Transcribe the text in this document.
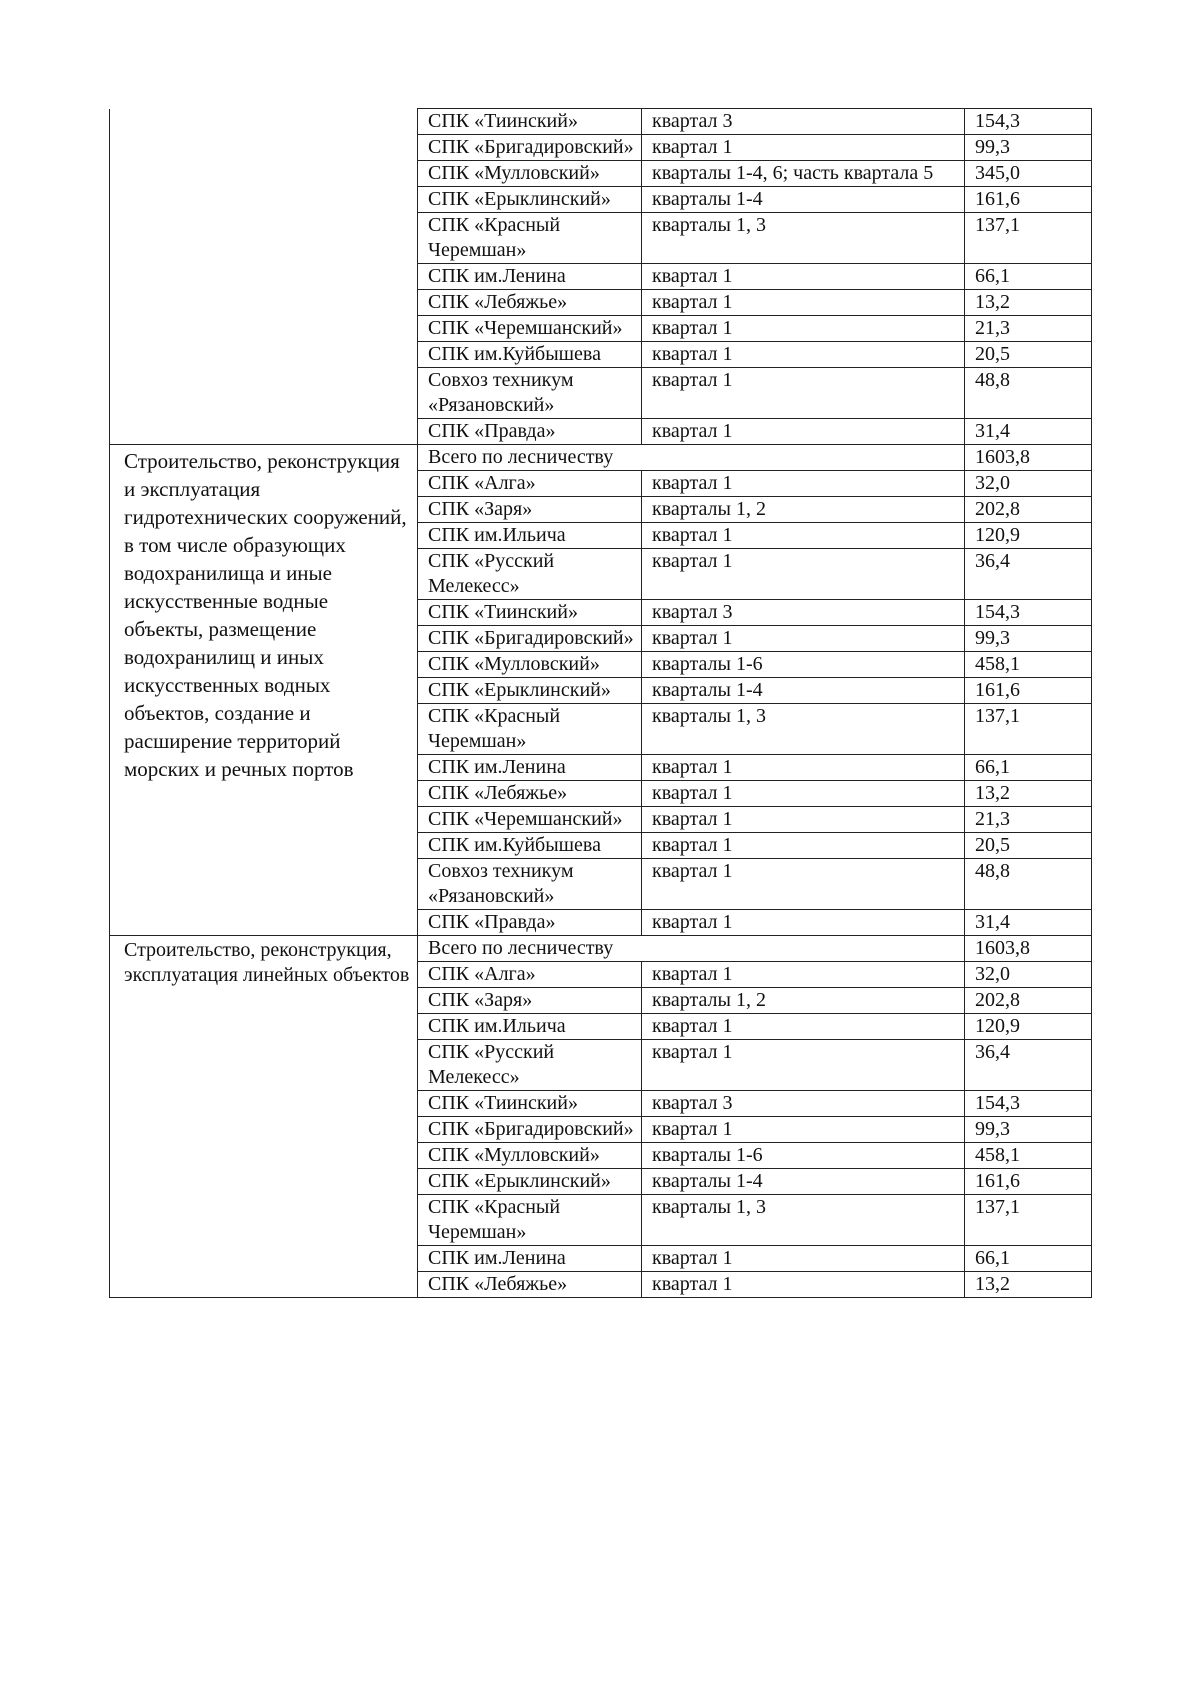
	СПК «Тиинский»	квартал 3	154,3
	СПК «Бригадировский»	квартал 1	99,3
	СПК «Мулловский»	кварталы 1-4, 6; часть квартала 5	345,0
	СПК «Ерыклинский»	кварталы 1-4	161,6
	СПК «Красный Черемшан»	кварталы 1, 3	137,1
	СПК им.Ленина	квартал 1	66,1
	СПК «Лебяжье»	квартал 1	13,2
	СПК «Черемшанский»	квартал 1	21,3
	СПК им.Куйбышева	квартал 1	20,5
	Совхоз техникум «Рязановский»	квартал 1	48,8
	СПК «Правда»	квартал 1	31,4
Строительство, реконструкция и эксплуатация гидротехнических сооружений, в том числе образующих водохранилища и иные искусственные водные объекты, размещение водохранилищ и иных искусственных водных объектов, создание и расширение территорий морских и речных портов	Всего по лесничеству		1603,8
	СПК «Алга»	квартал 1	32,0
	СПК «Заря»	кварталы 1, 2	202,8
	СПК им.Ильича	квартал 1	120,9
	СПК «Русский Мелекесс»	квартал 1	36,4
	СПК «Тиинский»	квартал 3	154,3
	СПК «Бригадировский»	квартал 1	99,3
	СПК «Мулловский»	кварталы 1-6	458,1
	СПК «Ерыклинский»	кварталы 1-4	161,6
	СПК «Красный Черемшан»	кварталы 1, 3	137,1
	СПК им.Ленина	квартал 1	66,1
	СПК «Лебяжье»	квартал 1	13,2
	СПК «Черемшанский»	квартал 1	21,3
	СПК им.Куйбышева	квартал 1	20,5
	Совхоз техникум «Рязановский»	квартал 1	48,8
	СПК «Правда»	квартал 1	31,4
Строительство, реконструкция, эксплуатация линейных объектов	Всего по лесничеству		1603,8
	СПК «Алга»	квартал 1	32,0
	СПК «Заря»	кварталы 1, 2	202,8
	СПК им.Ильича	квартал 1	120,9
	СПК «Русский Мелекесс»	квартал 1	36,4
	СПК «Тиинский»	квартал 3	154,3
	СПК «Бригадировский»	квартал 1	99,3
	СПК «Мулловский»	кварталы 1-6	458,1
	СПК «Ерыклинский»	кварталы 1-4	161,6
	СПК «Красный Черемшан»	кварталы 1, 3	137,1
	СПК им.Ленина	квартал 1	66,1
	СПК «Лебяжье»	квартал 1	13,2
